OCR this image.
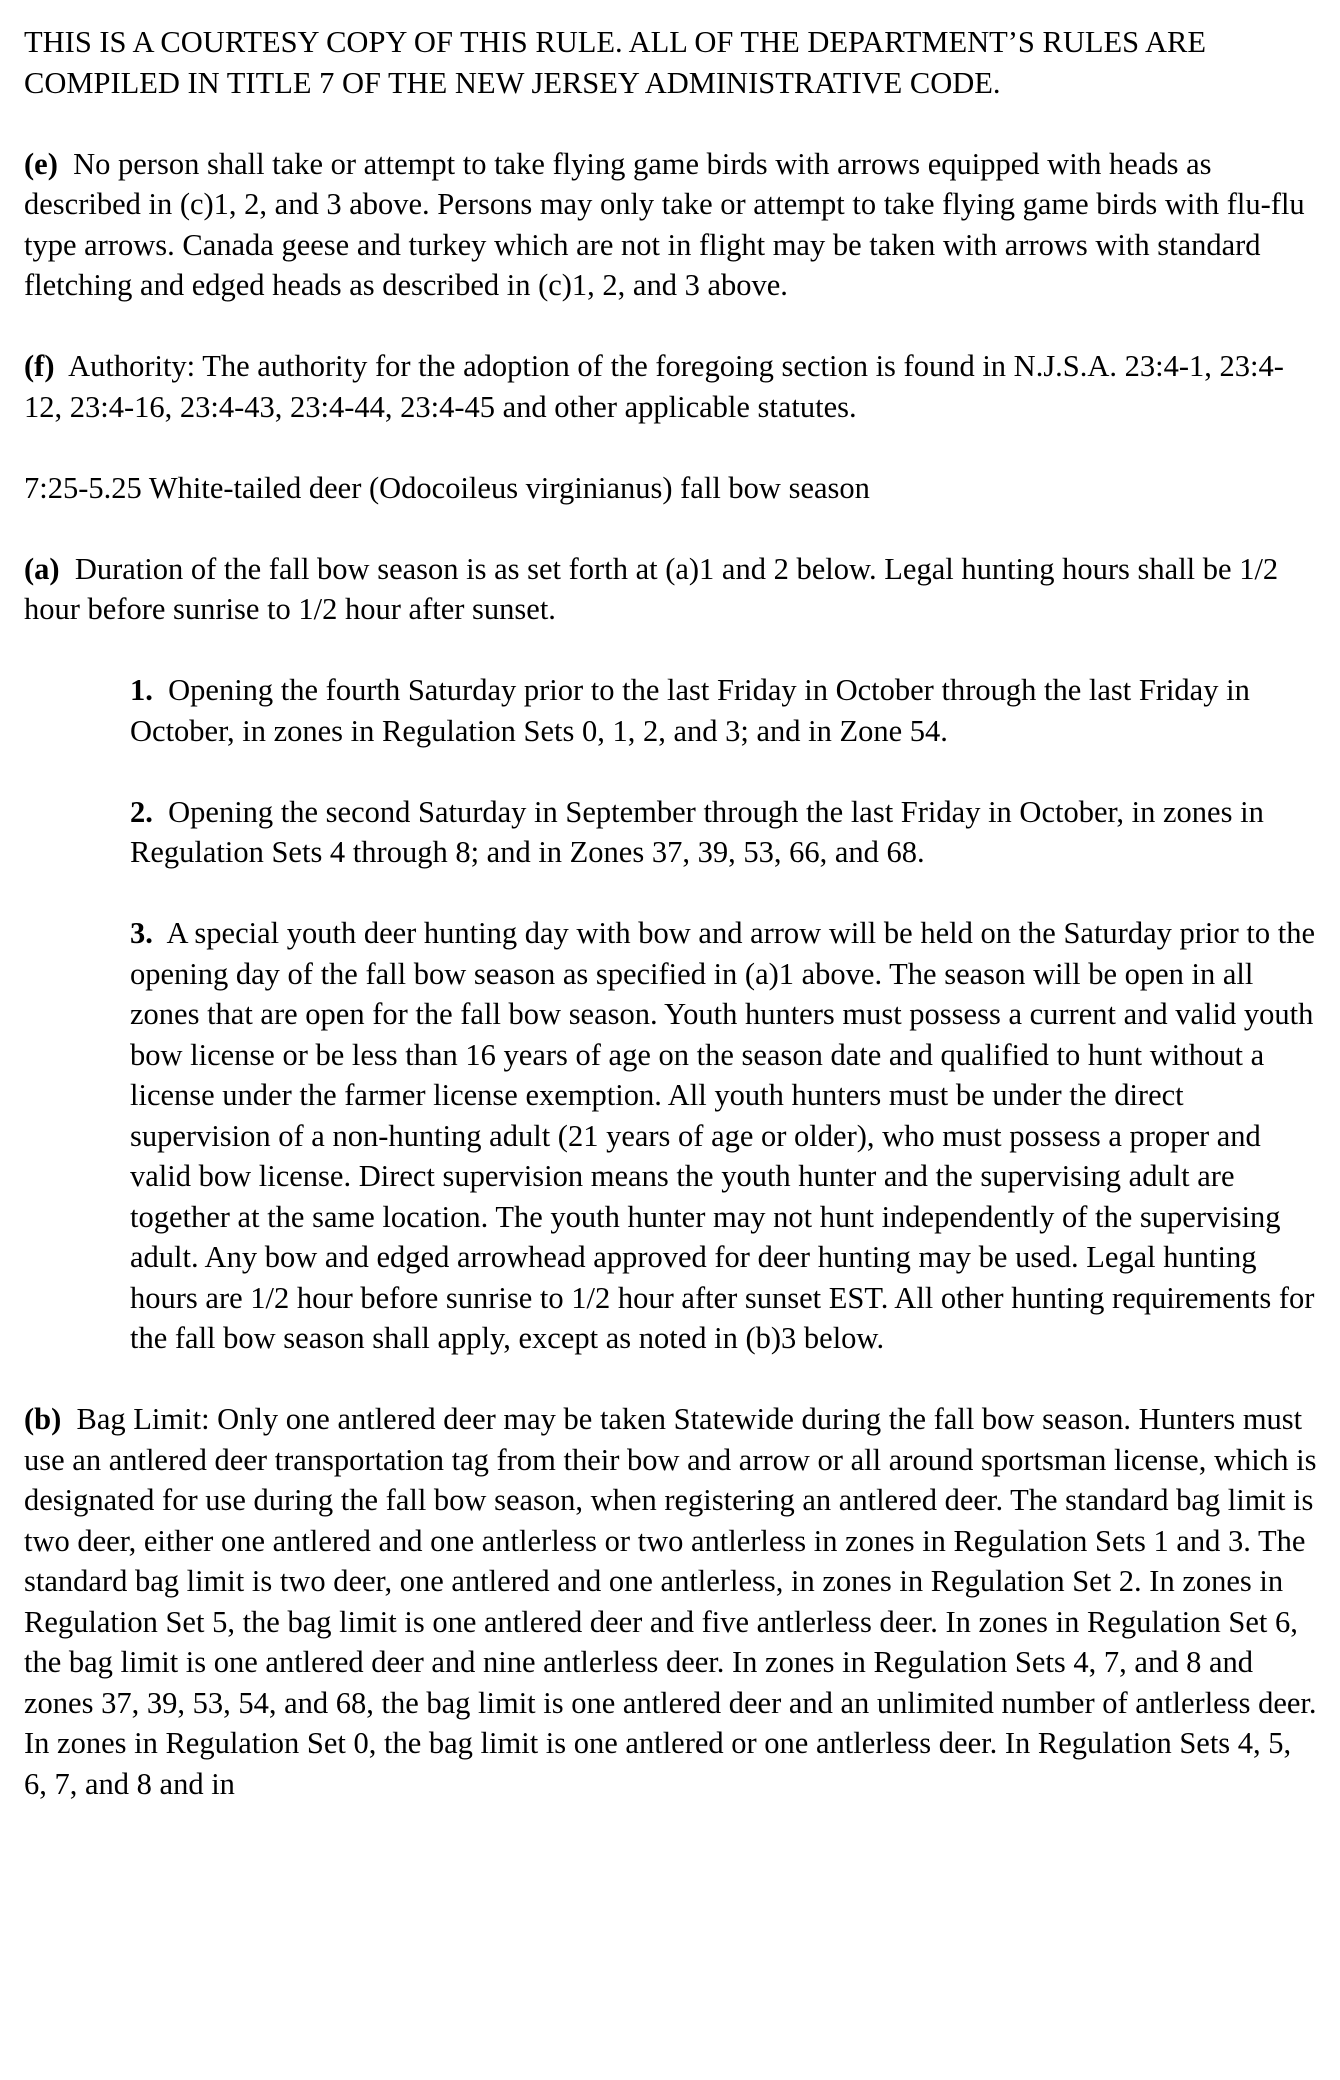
THIS IS A COURTESY COPY OF THIS RULE. ALL OF THE DEPARTMENT’S RULES ARE COMPILED IN TITLE 7 OF THE NEW JERSEY ADMINISTRATIVE CODE.

(e) No person shall take or attempt to take flying game birds with arrows equipped with heads as described in (c)1, 2, and 3 above. Persons may only take or attempt to take flying game birds with flu-flu type arrows. Canada geese and turkey which are not in flight may be taken with arrows with standard fletching and edged heads as described in (c)1, 2, and 3 above.

(f) Authority: The authority for the adoption of the foregoing section is found in N.J.S.A. 23:4-1, 23:4-12, 23:4-16, 23:4-43, 23:4-44, 23:4-45 and other applicable statutes.

7:25-5.25 White-tailed deer (Odocoileus virginianus) fall bow season

(a) Duration of the fall bow season is as set forth at (a)1 and 2 below. Legal hunting hours shall be 1/2 hour before sunrise to 1/2 hour after sunset.

1. Opening the fourth Saturday prior to the last Friday in October through the last Friday in October, in zones in Regulation Sets 0, 1, 2, and 3; and in Zone 54.

2. Opening the second Saturday in September through the last Friday in October, in zones in Regulation Sets 4 through 8; and in Zones 37, 39, 53, 66, and 68.

3. A special youth deer hunting day with bow and arrow will be held on the Saturday prior to the opening day of the fall bow season as specified in (a)1 above. The season will be open in all zones that are open for the fall bow season. Youth hunters must possess a current and valid youth bow license or be less than 16 years of age on the season date and qualified to hunt without a license under the farmer license exemption. All youth hunters must be under the direct supervision of a non-hunting adult (21 years of age or older), who must possess a proper and valid bow license. Direct supervision means the youth hunter and the supervising adult are together at the same location. The youth hunter may not hunt independently of the supervising adult. Any bow and edged arrowhead approved for deer hunting may be used. Legal hunting hours are 1/2 hour before sunrise to 1/2 hour after sunset EST. All other hunting requirements for the fall bow season shall apply, except as noted in (b)3 below.

(b) Bag Limit: Only one antlered deer may be taken Statewide during the fall bow season. Hunters must use an antlered deer transportation tag from their bow and arrow or all around sportsman license, which is designated for use during the fall bow season, when registering an antlered deer. The standard bag limit is two deer, either one antlered and one antlerless or two antlerless in zones in Regulation Sets 1 and 3. The standard bag limit is two deer, one antlered and one antlerless, in zones in Regulation Set 2. In zones in Regulation Set 5, the bag limit is one antlered deer and five antlerless deer. In zones in Regulation Set 6, the bag limit is one antlered deer and nine antlerless deer. In zones in Regulation Sets 4, 7, and 8 and zones 37, 39, 53, 54, and 68, the bag limit is one antlered deer and an unlimited number of antlerless deer. In zones in Regulation Set 0, the bag limit is one antlered or one antlerless deer. In Regulation Sets 4, 5, 6, 7, and 8 and in
